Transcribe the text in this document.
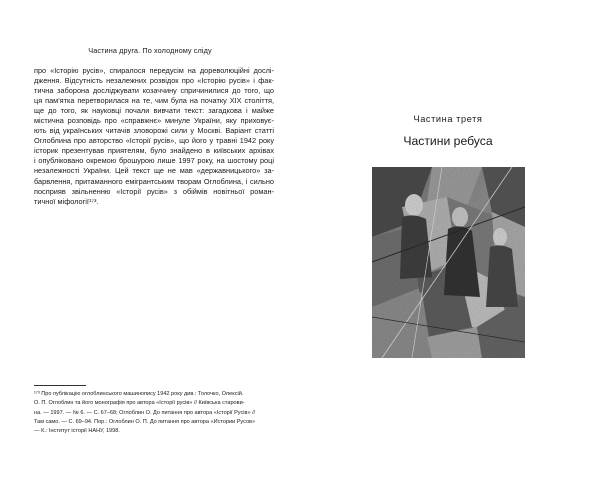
Частина друга. По холодному сліду
про «Історію русів», спиралося передусім на дореволюційні дослі-
дження. Відсутність незалежних розвідок про «Історію русів» і фак-
тична заборона досліджувати козаччину спричинилися до того, що
ця пам'ятка перетворилася на те, чим була на початку XIX століття,
ще до того, як науковці почали вивчати текст: загадкова і майже
містична розповідь про «справжнє» минуле України, яку приховує-
ють від українських читачів зловорожі сили у Москві. Варіант статті
Оглоблина про авторство «Історії русів», що його у травні 1942 року
історик презентував приятелям, було знайдено в київських архівах
і опубліковано окремою брошурою лише 1997 року, на шостому році
незалежності України. Цей текст ще не мав «державницького» за-
барвлення, притаманного емігрантським творам Оглоблина, і сильно
посприяв звільненню «Історії русів» з обіймів новітньої роман-
тичної міфології¹⁷³.
¹⁷³ Про публікацію оглоблинського машинопису 1942 року див.: Толочко, Олексій.
О. П. Оглоблин та його монографія про автора «Історії русів» // Київська старови-
на. — 1997. — № 6. — С. 67–68; Оглоблин О. До питання про автора «Історії Русів» //
Там само. — С. 69–94. Пор.: Оглоблин О. П. До питання про автора «Истории Русов»
— К.: Інститут історії НАНУ, 1998.
Частина третя
Частини ребуса
